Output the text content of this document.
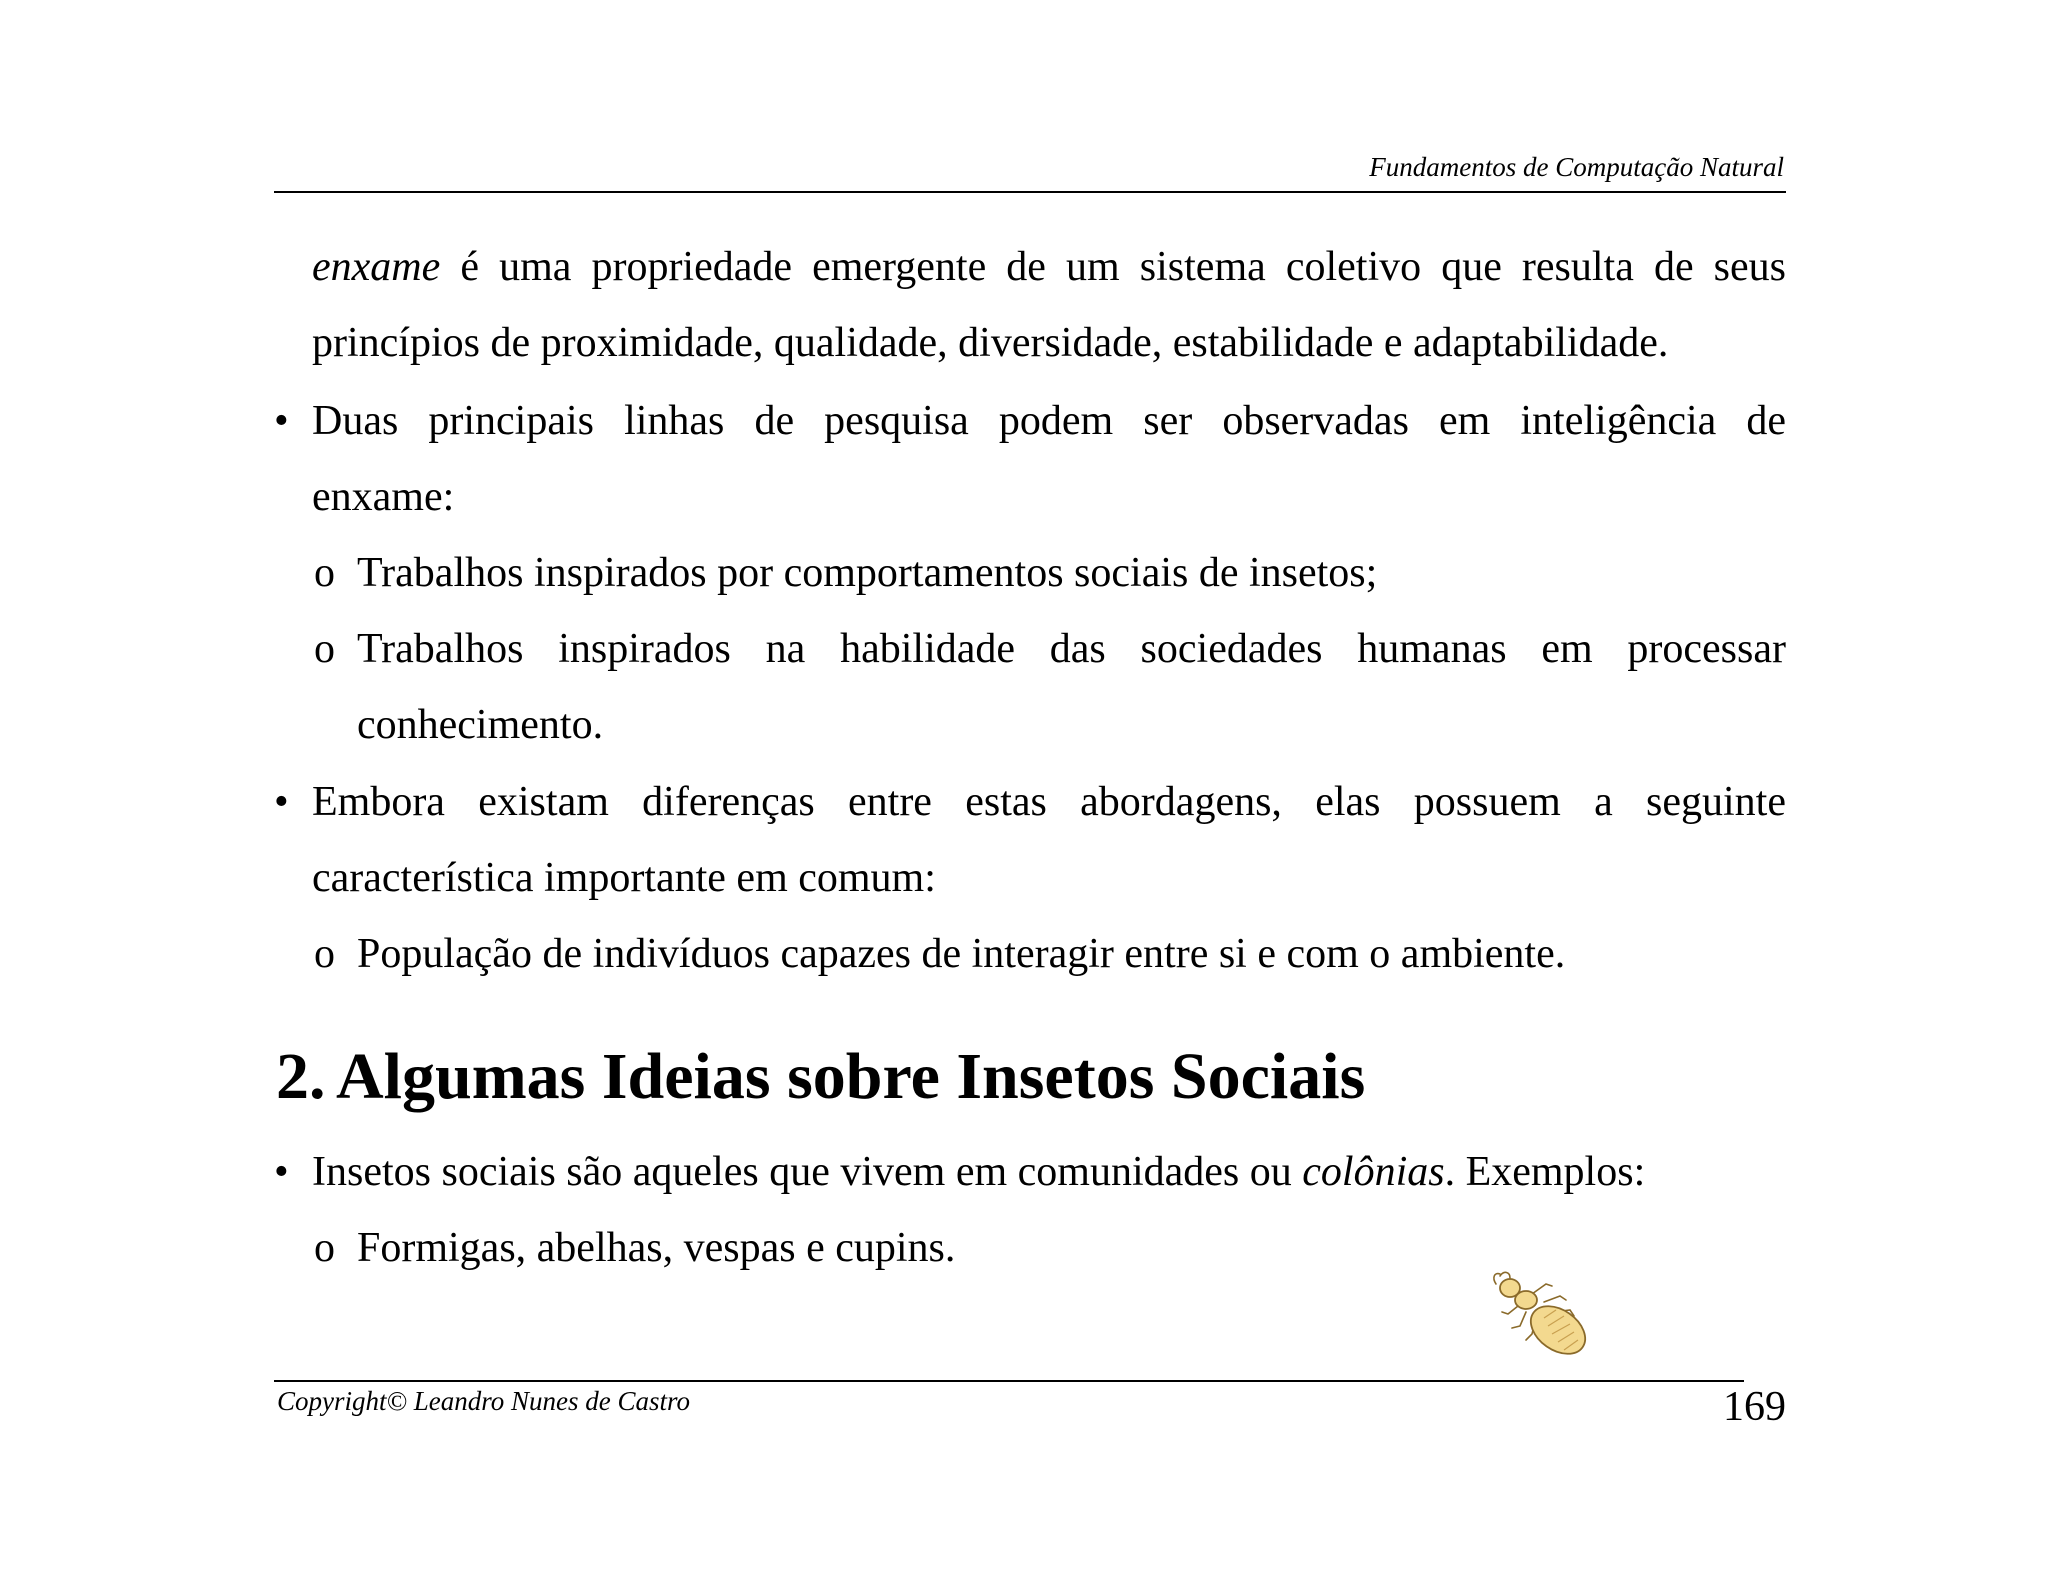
Fundamentos de Computação Natural
enxame é uma propriedade emergente de um sistema coletivo que resulta de seus
princípios de proximidade, qualidade, diversidade, estabilidade e adaptabilidade.
• Duas principais linhas de pesquisa podem ser observadas em inteligência de
enxame:
o Trabalhos inspirados por comportamentos sociais de insetos;
o Trabalhos inspirados na habilidade das sociedades humanas em processar
conhecimento.
• Embora existam diferenças entre estas abordagens, elas possuem a seguinte
característica importante em comum:
o População de indivíduos capazes de interagir entre si e com o ambiente.
2. Algumas Ideias sobre Insetos Sociais
• Insetos sociais são aqueles que vivem em comunidades ou colônias. Exemplos:
o Formigas, abelhas, vespas e cupins.
Copyright© Leandro Nunes de Castro	169
